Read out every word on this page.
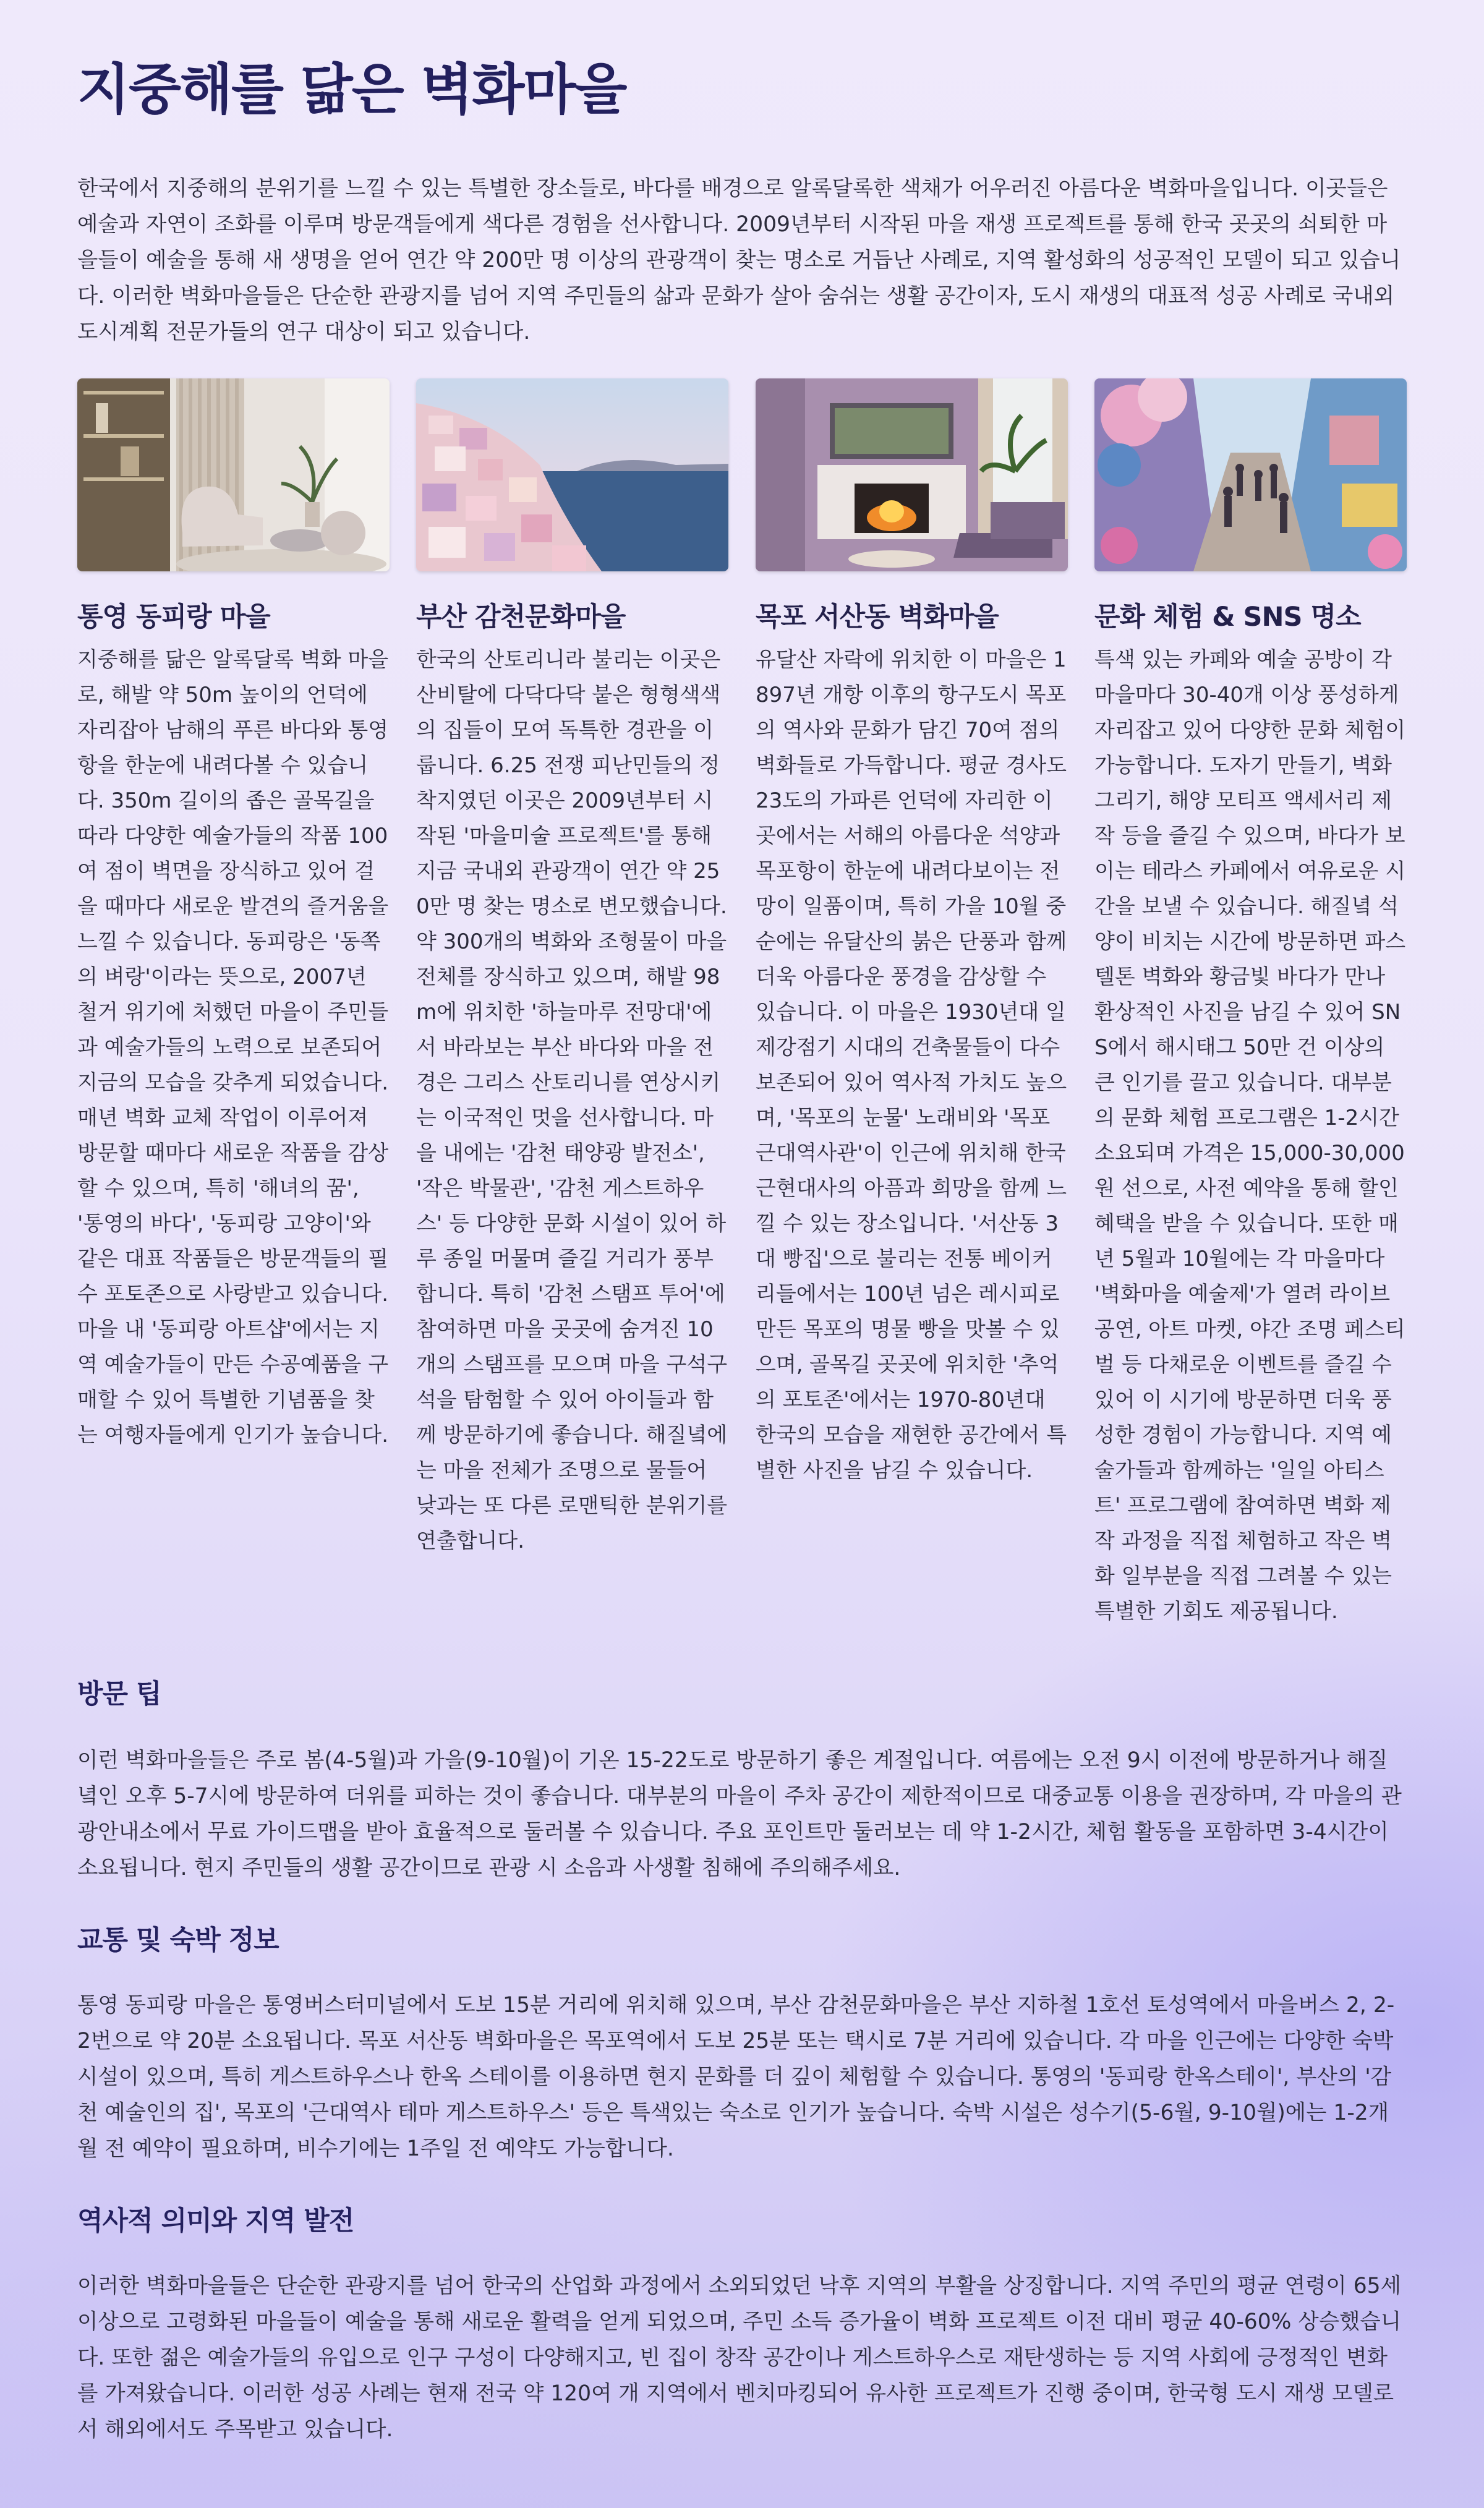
지중해를 닮은 벽화마을

한국에서 지중해의 분위기를 느낄 수 있는 특별한 장소들로, 바다를 배경으로 알록달록한 색채가 어우러진 아름다운 벽화마을입니다. 이곳들은 예술과 자연이 조화를 이루며 방문객들에게 색다른 경험을 선사합니다. 2009년부터 시작된 마을 재생 프로젝트를 통해 한국 곳곳의 쇠퇴한 마을들이 예술을 통해 새 생명을 얻어 연간 약 200만 명 이상의 관광객이 찾는 명소로 거듭난 사례로, 지역 활성화의 성공적인 모델이 되고 있습니다. 이러한 벽화마을들은 단순한 관광지를 넘어 지역 주민들의 삶과 문화가 살아 숨쉬는 생활 공간이자, 도시 재생의 대표적 성공 사례로 국내외 도시계획 전문가들의 연구 대상이 되고 있습니다.

통영 동피랑 마을

지중해를 닮은 알록달록 벽화 마을로, 해발 약 50m 높이의 언덕에 자리잡아 남해의 푸른 바다와 통영항을 한눈에 내려다볼 수 있습니다. 350m 길이의 좁은 골목길을 따라 다양한 예술가들의 작품 100여 점이 벽면을 장식하고 있어 걸을 때마다 새로운 발견의 즐거움을 느낄 수 있습니다. 동피랑은 '동쪽의 벼랑'이라는 뜻으로, 2007년 철거 위기에 처했던 마을이 주민들과 예술가들의 노력으로 보존되어 지금의 모습을 갖추게 되었습니다. 매년 벽화 교체 작업이 이루어져 방문할 때마다 새로운 작품을 감상할 수 있으며, 특히 '해녀의 꿈', '통영의 바다', '동피랑 고양이'와 같은 대표 작품들은 방문객들의 필수 포토존으로 사랑받고 있습니다. 마을 내 '동피랑 아트샵'에서는 지역 예술가들이 만든 수공예품을 구매할 수 있어 특별한 기념품을 찾는 여행자들에게 인기가 높습니다.

부산 감천문화마을

한국의 산토리니라 불리는 이곳은 산비탈에 다닥다닥 붙은 형형색색의 집들이 모여 독특한 경관을 이룹니다. 6.25 전쟁 피난민들의 정착지였던 이곳은 2009년부터 시작된 '마을미술 프로젝트'를 통해 지금 국내외 관광객이 연간 약 250만 명 찾는 명소로 변모했습니다. 약 300개의 벽화와 조형물이 마을 전체를 장식하고 있으며, 해발 98m에 위치한 '하늘마루 전망대'에서 바라보는 부산 바다와 마을 전경은 그리스 산토리니를 연상시키는 이국적인 멋을 선사합니다. 마을 내에는 '감천 태양광 발전소', '작은 박물관', '감천 게스트하우스' 등 다양한 문화 시설이 있어 하루 종일 머물며 즐길 거리가 풍부합니다. 특히 '감천 스탬프 투어'에 참여하면 마을 곳곳에 숨겨진 10개의 스탬프를 모으며 마을 구석구석을 탐험할 수 있어 아이들과 함께 방문하기에 좋습니다. 해질녘에는 마을 전체가 조명으로 물들어 낮과는 또 다른 로맨틱한 분위기를 연출합니다.

목포 서산동 벽화마을

유달산 자락에 위치한 이 마을은 1897년 개항 이후의 항구도시 목포의 역사와 문화가 담긴 70여 점의 벽화들로 가득합니다. 평균 경사도 23도의 가파른 언덕에 자리한 이곳에서는 서해의 아름다운 석양과 목포항이 한눈에 내려다보이는 전망이 일품이며, 특히 가을 10월 중순에는 유달산의 붉은 단풍과 함께 더욱 아름다운 풍경을 감상할 수 있습니다. 이 마을은 1930년대 일제강점기 시대의 건축물들이 다수 보존되어 있어 역사적 가치도 높으며, '목포의 눈물' 노래비와 '목포 근대역사관'이 인근에 위치해 한국 근현대사의 아픔과 희망을 함께 느낄 수 있는 장소입니다. '서산동 3대 빵집'으로 불리는 전통 베이커리들에서는 100년 넘은 레시피로 만든 목포의 명물 빵을 맛볼 수 있으며, 골목길 곳곳에 위치한 '추억의 포토존'에서는 1970-80년대 한국의 모습을 재현한 공간에서 특별한 사진을 남길 수 있습니다.

문화 체험 & SNS 명소

특색 있는 카페와 예술 공방이 각 마을마다 30-40개 이상 풍성하게 자리잡고 있어 다양한 문화 체험이 가능합니다. 도자기 만들기, 벽화 그리기, 해양 모티프 액세서리 제작 등을 즐길 수 있으며, 바다가 보이는 테라스 카페에서 여유로운 시간을 보낼 수 있습니다. 해질녘 석양이 비치는 시간에 방문하면 파스텔톤 벽화와 황금빛 바다가 만나 환상적인 사진을 남길 수 있어 SNS에서 해시태그 50만 건 이상의 큰 인기를 끌고 있습니다. 대부분의 문화 체험 프로그램은 1-2시간 소요되며 가격은 15,000-30,000원 선으로, 사전 예약을 통해 할인 혜택을 받을 수 있습니다. 또한 매년 5월과 10월에는 각 마을마다 '벽화마을 예술제'가 열려 라이브 공연, 아트 마켓, 야간 조명 페스티벌 등 다채로운 이벤트를 즐길 수 있어 이 시기에 방문하면 더욱 풍성한 경험이 가능합니다. 지역 예술가들과 함께하는 '일일 아티스트' 프로그램에 참여하면 벽화 제작 과정을 직접 체험하고 작은 벽화 일부분을 직접 그려볼 수 있는 특별한 기회도 제공됩니다.

방문 팁

이런 벽화마을들은 주로 봄(4-5월)과 가을(9-10월)이 기온 15-22도로 방문하기 좋은 계절입니다. 여름에는 오전 9시 이전에 방문하거나 해질녘인 오후 5-7시에 방문하여 더위를 피하는 것이 좋습니다. 대부분의 마을이 주차 공간이 제한적이므로 대중교통 이용을 권장하며, 각 마을의 관광안내소에서 무료 가이드맵을 받아 효율적으로 둘러볼 수 있습니다. 주요 포인트만 둘러보는 데 약 1-2시간, 체험 활동을 포함하면 3-4시간이 소요됩니다. 현지 주민들의 생활 공간이므로 관광 시 소음과 사생활 침해에 주의해주세요.

교통 및 숙박 정보

통영 동피랑 마을은 통영버스터미널에서 도보 15분 거리에 위치해 있으며, 부산 감천문화마을은 부산 지하철 1호선 토성역에서 마을버스 2, 2-2번으로 약 20분 소요됩니다. 목포 서산동 벽화마을은 목포역에서 도보 25분 또는 택시로 7분 거리에 있습니다. 각 마을 인근에는 다양한 숙박 시설이 있으며, 특히 게스트하우스나 한옥 스테이를 이용하면 현지 문화를 더 깊이 체험할 수 있습니다. 통영의 '동피랑 한옥스테이', 부산의 '감천 예술인의 집', 목포의 '근대역사 테마 게스트하우스' 등은 특색있는 숙소로 인기가 높습니다. 숙박 시설은 성수기(5-6월, 9-10월)에는 1-2개월 전 예약이 필요하며, 비수기에는 1주일 전 예약도 가능합니다.

역사적 의미와 지역 발전

이러한 벽화마을들은 단순한 관광지를 넘어 한국의 산업화 과정에서 소외되었던 낙후 지역의 부활을 상징합니다. 지역 주민의 평균 연령이 65세 이상으로 고령화된 마을들이 예술을 통해 새로운 활력을 얻게 되었으며, 주민 소득 증가율이 벽화 프로젝트 이전 대비 평균 40-60% 상승했습니다. 또한 젊은 예술가들의 유입으로 인구 구성이 다양해지고, 빈 집이 창작 공간이나 게스트하우스로 재탄생하는 등 지역 사회에 긍정적인 변화를 가져왔습니다. 이러한 성공 사례는 현재 전국 약 120여 개 지역에서 벤치마킹되어 유사한 프로젝트가 진행 중이며, 한국형 도시 재생 모델로서 해외에서도 주목받고 있습니다.
